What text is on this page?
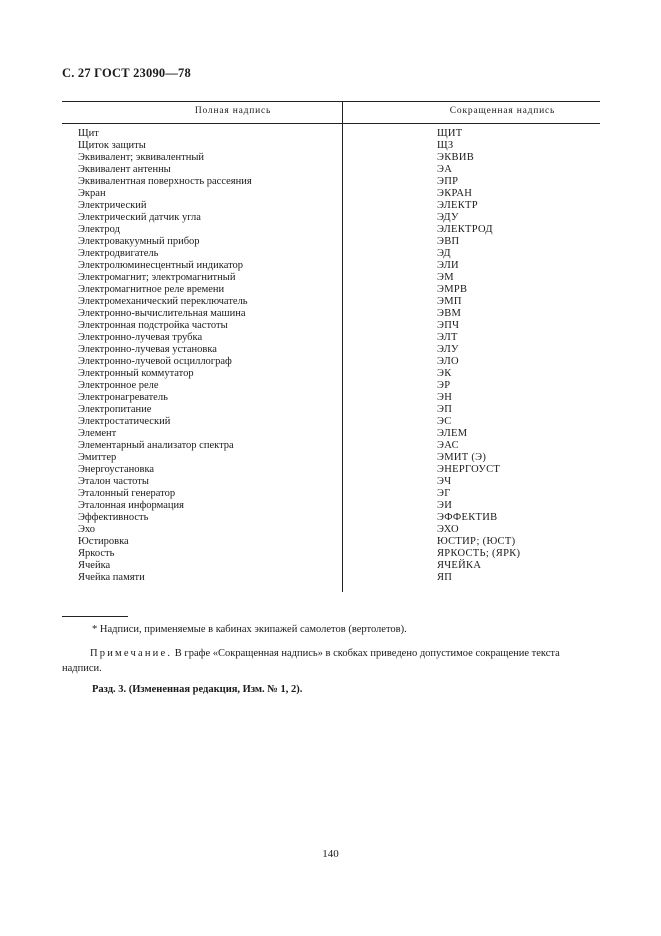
С. 27 ГОСТ 23090—78
Полная надпись	Сокращенная надпись
Щит	ЩИТ
Щиток защиты	ЩЗ
Эквивалент; эквивалентный	ЭКВИВ
Эквивалент антенны	ЭА
Эквивалентная поверхность рассеяния	ЭПР
Экран	ЭКРАН
Электрический	ЭЛЕКТР
Электрический датчик угла	ЭДУ
Электрод	ЭЛЕКТРОД
Электровакуумный прибор	ЭВП
Электродвигатель	ЭД
Электролюминесцентный индикатор	ЭЛИ
Электромагнит; электромагнитный	ЭМ
Электромагнитное реле времени	ЭМРВ
Электромеханический переключатель	ЭМП
Электронно-вычислительная машина	ЭВМ
Электронная подстройка частоты	ЭПЧ
Электронно-лучевая трубка	ЭЛТ
Электронно-лучевая установка	ЭЛУ
Электронно-лучевой осциллограф	ЭЛО
Электронный коммутатор	ЭК
Электронное реле	ЭР
Электронагреватель	ЭН
Электропитание	ЭП
Электростатический	ЭС
Элемент	ЭЛЕМ
Элементарный анализатор спектра	ЭАС
Эмиттер	ЭМИТ (Э)
Энергоустановка	ЭНЕРГОУСТ
Эталон частоты	ЭЧ
Эталонный генератор	ЭГ
Эталонная информация	ЭИ
Эффективность	ЭФФЕКТИВ
Эхо	ЭХО
Юстировка	ЮСТИР; (ЮСТ)
Яркость	ЯРКОСТЬ; (ЯРК)
Ячейка	ЯЧЕЙКА
Ячейка памяти	ЯП
* Надписи, применяемые в кабинах экипажей самолетов (вертолетов).
Примечание. В графе «Сокращенная надпись» в скобках приведено допустимое сокращение текста надписи.
Разд. 3. (Измененная редакция, Изм. № 1, 2).
140
